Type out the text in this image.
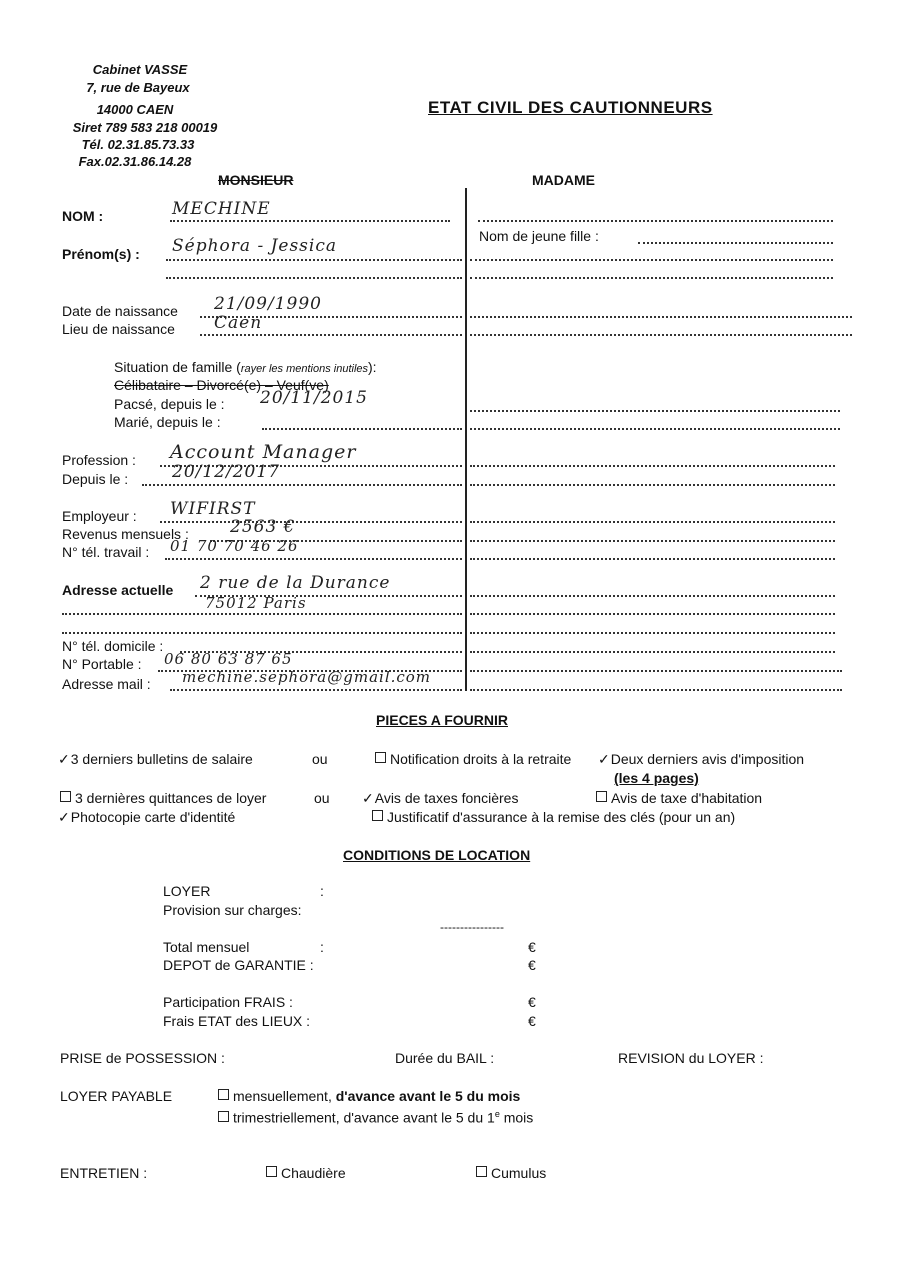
Cabinet VASSE
7, rue de Bayeux
14000 CAEN
Siret 789 583 218 00019
Tél. 02.31.85.73.33
Fax.02.31.86.14.28
ETAT CIVIL DES CAUTIONNEURS
MONSIEUR	MADAME
NOM :	MECHINE
Nom de jeune fille :
Prénom(s) : Séphora - Jessica
Date de naissance 21/09/1990
Lieu de naissance Caen
Situation de famille (rayer les mentions inutiles):
Célibataire – Divorcé(e) – Veuf(ve)
Pacsé, depuis le : 20/11/2015
Marié, depuis le :
Profession : Account Manager
Depuis le :	20/12/2017
Employeur : WIFIRST
Revenus mensuels : 2563 €
N° tél. travail : 01 70 70 46 26
Adresse actuelle 2 rue de la Durance
75012 Paris
N° tél. domicile :
N° Portable : 06 80 63 87 65
Adresse mail : mechine.sephora@gmail.com
PIECES A FOURNIR
✓3 derniers bulletins de salaire	ou	Notification droits à la retraite ✓Deux derniers avis d'imposition
(les 4 pages)
3 dernières quittances de loyer	ou ✓Avis de taxes foncières	Avis de taxe d'habitation
✓Photocopie carte d'identité	Justificatif d'assurance à la remise des clés (pour un an)
CONDITIONS DE LOCATION
LOYER	:
Provision sur charges:
----------------
Total mensuel	:	€
DEPOT de GARANTIE :	€
Participation FRAIS :	€
Frais ETAT des LIEUX :	€
PRISE de POSSESSION :	Durée du BAIL :	REVISION du LOYER :
LOYER PAYABLE	mensuellement, d'avance avant le 5 du mois
trimestriellement, d'avance avant le 5 du 1e mois
ENTRETIEN :	Chaudière	Cumulus
